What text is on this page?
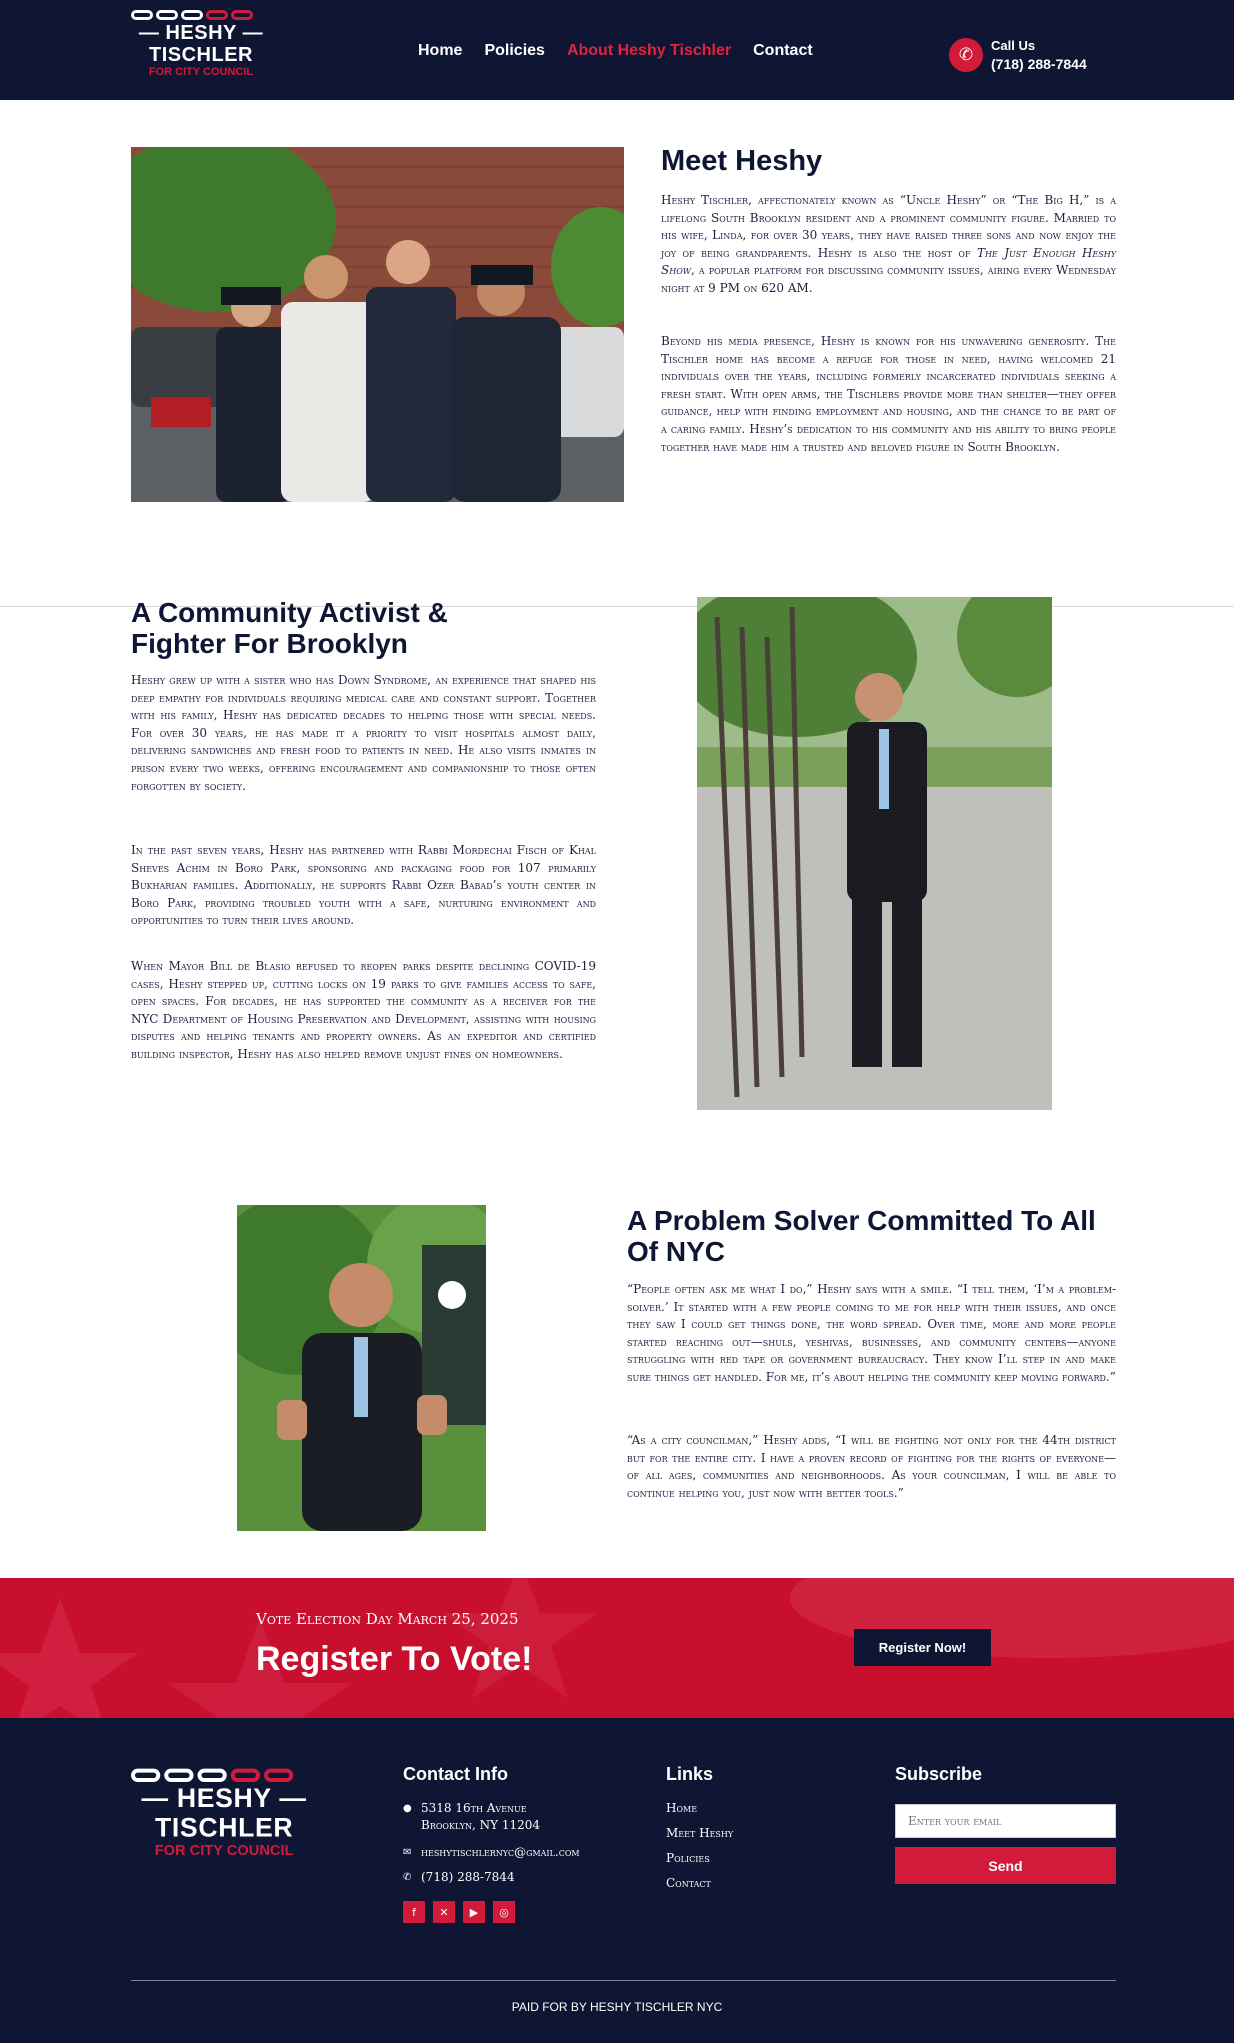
— HESHY —
TISCHLER
FOR CITY COUNCIL
Home Policies About Heshy Tischler Contact	✆	Call Us
(718) 288-7844
Meet Heshy

Heshy Tischler, affectionately known as “Uncle Heshy” or “The Big H,” is a lifelong South Brooklyn resident and a prominent community figure. Married to his wife, Linda, for over 30 years, they have raised three sons and now enjoy the joy of being grandparents. Heshy is also the host of The Just Enough Heshy Show, a popular platform for discussing community issues, airing every Wednesday night at 9 PM on 620 AM.

Beyond his media presence, Heshy is known for his unwavering generosity. The Tischler home has become a refuge for those in need, having welcomed 21 individuals over the years, including formerly incarcerated individuals seeking a fresh start. With open arms, the Tischlers provide more than shelter—they offer guidance, help with finding employment and housing, and the chance to be part of a caring family. Heshy’s dedication to his community and his ability to bring people together have made him a trusted and beloved figure in South Brooklyn.

A Community Activist &
Fighter For Brooklyn

Heshy grew up with a sister who has Down Syndrome, an experience that shaped his deep empathy for individuals requiring medical care and constant support. Together with his family, Heshy has dedicated decades to helping those with special needs. For over 30 years, he has made it a priority to visit hospitals almost daily, delivering sandwiches and fresh food to patients in need. He also visits inmates in prison every two weeks, offering encouragement and companionship to those often forgotten by society.

In the past seven years, Heshy has partnered with Rabbi Mordechai Fisch of Khal Sheves Achim in Boro Park, sponsoring and packaging food for 107 primarily Bukharian families. Additionally, he supports Rabbi Ozer Babad’s youth center in Boro Park, providing troubled youth with a safe, nurturing environment and opportunities to turn their lives around.

When Mayor Bill de Blasio refused to reopen parks despite declining COVID-19 cases, Heshy stepped up, cutting locks on 19 parks to give families access to safe, open spaces. For decades, he has supported the community as a receiver for the NYC Department of Housing Preservation and Development, assisting with housing disputes and helping tenants and property owners. As an expeditor and certified building inspector, Heshy has also helped remove unjust fines on homeowners.

A Problem Solver Committed To All
Of NYC

“People often ask me what I do,” Heshy says with a smile. “I tell them, ‘I’m a problem-solver.’ It started with a few people coming to me for help with their issues, and once they saw I could get things done, the word spread. Over time, more and more people started reaching out—shuls, yeshivas, businesses, and community centers—anyone struggling with red tape or government bureaucracy. They know I’ll step in and make sure things get handled. For me, it’s about helping the community keep moving forward.”

“As a city councilman,” Heshy adds, “I will be fighting not only for the 44th district but for the entire city. I have a proven record of fighting for the rights of everyone—of all ages, communities and neighborhoods. As your councilman, I will be able to continue helping you, just now with better tools.”

Vote Election Day March 25, 2025
Register To Vote!	Register Now!
— HESHY —
TISCHLER
FOR CITY COUNCIL
Contact Info
● 5318 16th Avenue
Brooklyn, NY 11204
✉ heshytischlernyc@gmail.com
✆ (718) 288-7844
f	✕	▶	◎
Links
Home
Meet Heshy
Policies
Contact
Subscribe
Enter your email
Send
PAID FOR BY HESHY TISCHLER NYC
